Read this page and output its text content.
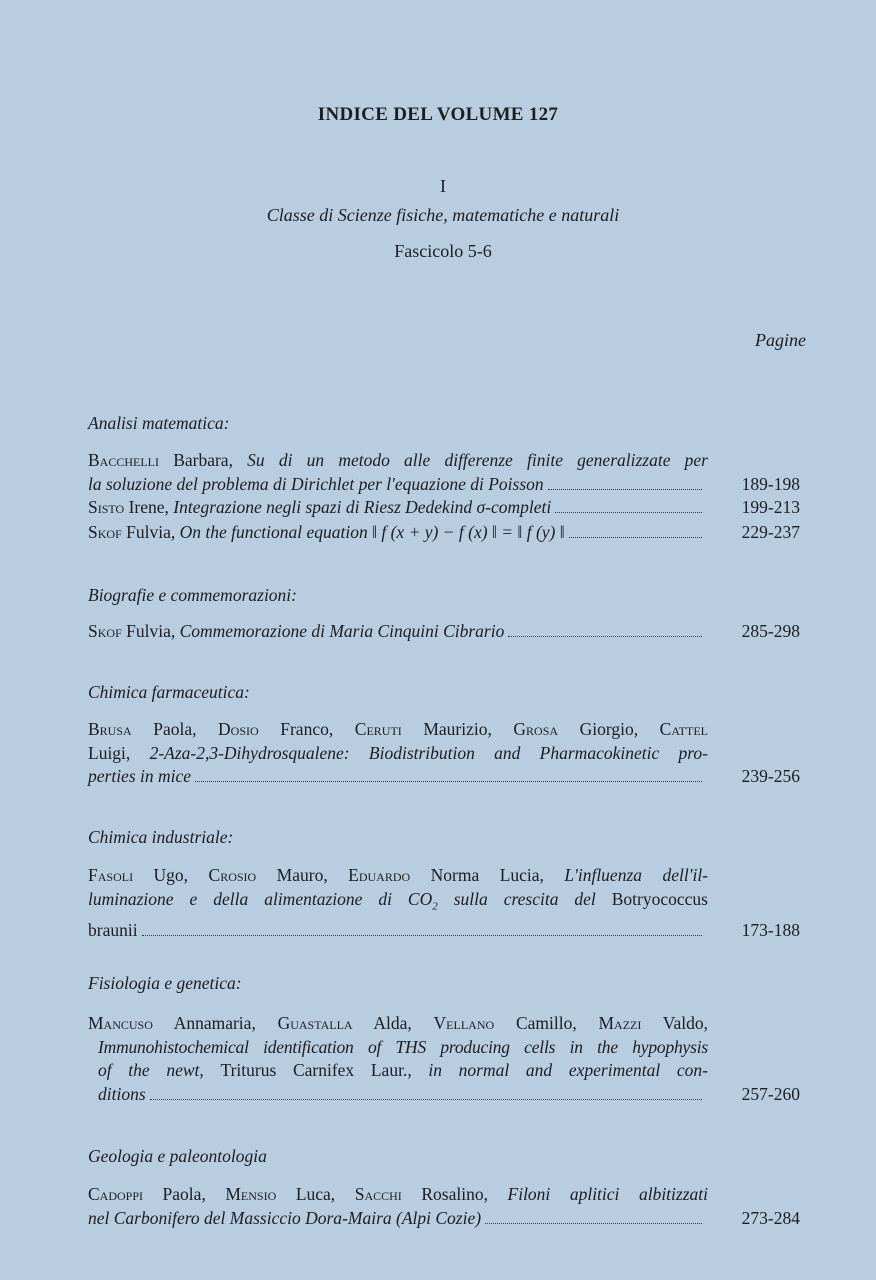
INDICE DEL VOLUME 127
I
Classe di Scienze fisiche, matematiche e naturali
Fascicolo 5-6
Pagine
Analisi matematica:
Bacchelli Barbara, Su di un metodo alle differenze finite generalizzate per
la soluzione del problema di Dirichlet per l'equazione di Poisson	189-198
Sisto Irene, Integrazione negli spazi di Riesz Dedekind σ-completi	199-213
Skof Fulvia, On the functional equation ‖ f (x + y) − f (x) ‖ = ‖ f (y) ‖	229-237
Biografie e commemorazioni:
Skof Fulvia, Commemorazione di Maria Cinquini Cibrario	285-298
Chimica farmaceutica:
Brusa Paola, Dosio Franco, Ceruti Maurizio, Grosa Giorgio, Cattel
Luigi, 2-Aza-2,3-Dihydrosqualene: Biodistribution and Pharmacokinetic pro-
perties in mice	239-256
Chimica industriale:
Fasoli Ugo, Crosio Mauro, Eduardo Norma Lucia, L'influenza dell'il-
luminazione e della alimentazione di $CO_2$ sulla crescita del Botryococcus
braunii	173-188
Fisiologia e genetica:
Mancuso Annamaria, Guastalla Alda, Vellano Camillo, Mazzi Valdo,
Immunohistochemical identification of THS producing cells in the hypophysis
of the newt, Triturus Carnifex Laur., in normal and experimental con-
ditions	257-260
Geologia e paleontologia
Cadoppi Paola, Mensio Luca, Sacchi Rosalino, Filoni aplitici albitizzati
nel Carbonifero del Massiccio Dora-Maira (Alpi Cozie)	273-284
